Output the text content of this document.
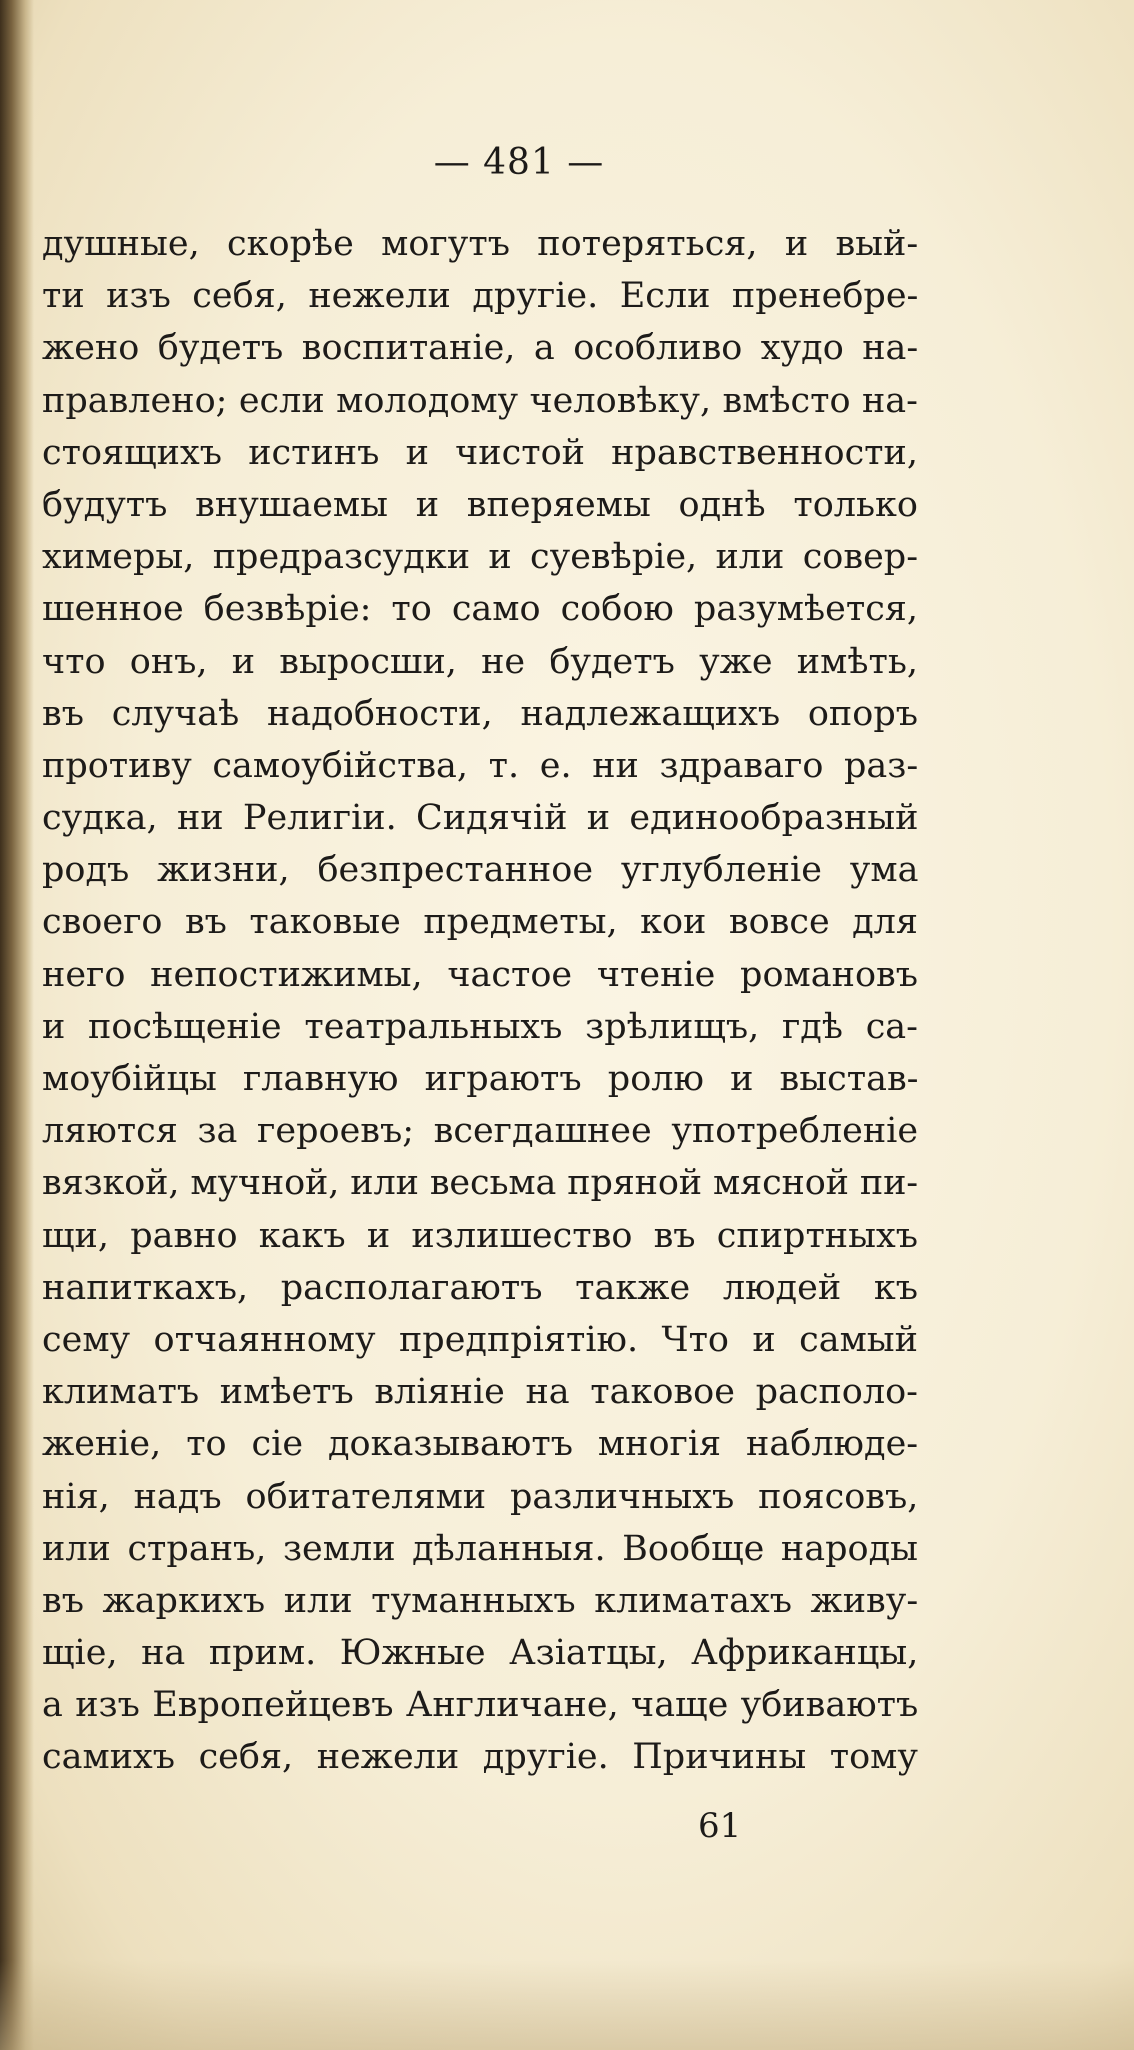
— 481 —
душные, скорѣе могутъ потеряться, и вый-
ти изъ себя, нежели другіе. Если пренебре-
жено будетъ воспитаніе, а особливо худо на-
правлено; если молодому человѣку, вмѣсто на-
стоящихъ истинъ и чистой нравственности,
будутъ внушаемы и вперяемы однѣ только
химеры, предразсудки и суевѣріе, или совер-
шенное безвѣріе: то само собою разумѣется,
что онъ, и выросши, не будетъ уже имѣть,
въ случаѣ надобности, надлежащихъ опоръ
противу самоубійства, т. е. ни здраваго раз-
судка, ни Религіи. Сидячій и единообразный
родъ жизни, безпрестанное углубленіе ума
своего въ таковые предметы, кои вовсе для
него непостижимы, частое чтеніе романовъ
и посѣщеніе театральныхъ зрѣлищъ, гдѣ са-
моубійцы главную играютъ ролю и выстав-
ляются за героевъ; всегдашнее употребленіе
вязкой, мучной, или весьма пряной мясной пи-
щи, равно какъ и излишество въ спиртныхъ
напиткахъ, располагаютъ также людей къ
сему отчаянному предпріятію. Что и самый
климатъ имѣетъ вліяніе на таковое располо-
женіе, то сіе доказываютъ многія наблюде-
нія, надъ обитателями различныхъ поясовъ,
или странъ, земли дѣланныя. Вообще народы
въ жаркихъ или туманныхъ климатахъ живу-
щіе, на прим. Южные Азіатцы, Африканцы,
а изъ Европейцевъ Англичане, чаще убиваютъ
самихъ себя, нежели другіе. Причины тому
61
